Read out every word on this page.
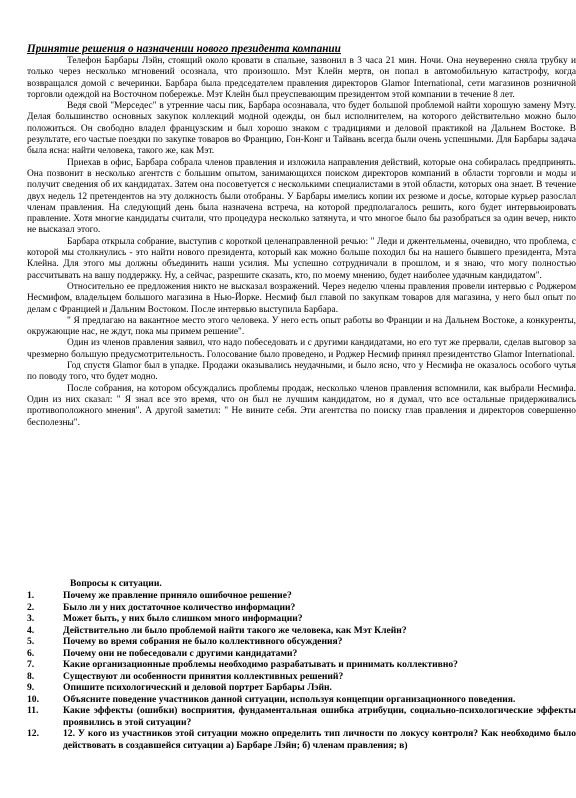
Принятие решения о назначении нового президента компании

Телефон Барбары Лэйн, стоящий около кровати в спальне, зазвонил в 3 часа 21 мин. Ночи. Она неуверенно сняла трубку и только через несколько мгновений осознала, что произошло. Мэт Клейн мертв, он попал в автомобильную катастрофу, когда возвращался домой с вечеринки. Барбара была председателем правления директоров Glamor International, сети магазинов розничной торговли одеждой на Восточном побережье. Мэт Клейн был преуспевающим президентом этой компании в течение 8 лет.

Ведя свой "Мерседес" в утренние часы пик, Барбара осознавала, что будет большой проблемой найти хорошую замену Мэту. Делая большинство основных закупок коллекций модной одежды, он был исполнителем, на которого действительно можно было положиться. Он свободно владел французским и был хорошо знаком с традициями и деловой практикой на Дальнем Востоке. В результате, его частые поездки по закупке товаров во Францию, Гон-Конг и Тайвань всегда были очень успешными. Для Барбары задача была ясна: найти человека, такого же, как Мэт.

Приехав в офис, Барбара собрала членов правления и изложила направления действий, которые она собиралась предпринять. Она позвонит в несколько агентств с большим опытом, занимающихся поиском директоров компаний в области торговли и моды и получит сведения об их кандидатах. Затем она посоветуется с несколькими специалистами в этой области, которых она знает. В течение двух недель 12 претендентов на эту должность были отобраны. У Барбары имелись копии их резюме и досье, которые курьер разослал членам правления. На следующий день была назначена встреча, на которой предполагалось решить, кого будет интервьюировать правление. Хотя многие кандидаты считали, что процедура несколько затянута, и что многое было бы разобраться за один вечер, никто не высказал этого.

Барбара открыла собрание, выступив с короткой целенаправленной речью: " Леди и джентельмены, очевидно, что проблема, с которой мы столкнулись - это найти нового президента, который как можно больше походил бы на нашего бывшего президента, Мэта Клейна. Для этого мы должны объединить наши усилия. Мы успешно сотрудничали в прошлом, и я знаю, что могу полностью рассчитывать на вашу поддержку. Ну, а сейчас, разрешите сказать, кто, по моему мнению, будет наиболее удачным кандидатом".

Относительно ее предложения никто не высказал возражений. Через неделю члены правления провели интервью с Роджером Несмифом, владельцем большого магазина в Нью-Йорке. Несмиф был главой по закупкам товаров для магазина, у него был опыт по делам с Францией и Дальним Востоком. После интервью выступила Барбара.

" Я предлагаю на вакантное место этого человека. У него есть опыт работы во Франции и на Дальнем Востоке, а конкуренты, окружающие нас, не ждут, пока мы примем решение".

Один из членов правления заявил, что надо побеседовать и с другими кандидатами, но его тут же прервали, сделав выговор за чрезмерно большую предусмотрительность. Голосование было проведено, и Роджер Несмиф принял президентство Glamor International.

Год спустя Glamor был в упадке. Продажи оказывались неудачными, и было ясно, что у Несмифа не оказалось особого чутья по поводу того, что будет модно.

После собрания, на котором обсуждались проблемы продаж, несколько членов правления вспомнили, как выбрали Несмифа. Один из них сказал: " Я знал все это время, что он был не лучшим кандидатом, но я думал, что все остальные придерживались противоположного мнения". А другой заметил: " Не вините себя. Эти агентства по поиску глав правления и директоров совершенно бесполезны".

Вопросы к ситуации.
1.	Почему же правление приняло ошибочное решение?
2.	Было ли у них достаточное количество информации?
3.	Может быть, у них было слишком много информации?
4.	Действительно ли было проблемой найти такого же человека, как Мэт Клейн?
5.	Почему во время собрания не было коллективного обсуждения?
6.	Почему они не побеседовали с другими кандидатами?
7.	Какие организационные проблемы необходимо разрабатывать и принимать коллективно?
8.	Существуют ли особенности принятия коллективных решений?
9.	Опишите психологический и деловой портрет Барбары Лэйн.
10.	Объясните поведение участников данной ситуации, используя концепции организационного поведения.
11.	Какие эффекты (ошибки) восприятия, фундаментальная ошибка атрибуции, социально-психологические эффекты проявились в этой ситуации?
12.	12. У кого из участников этой ситуации можно определить тип личности по локусу контроля? Как необходимо было действовать в создавшейся ситуации а) Барбаре Лэйн; б) членам правления; в)
